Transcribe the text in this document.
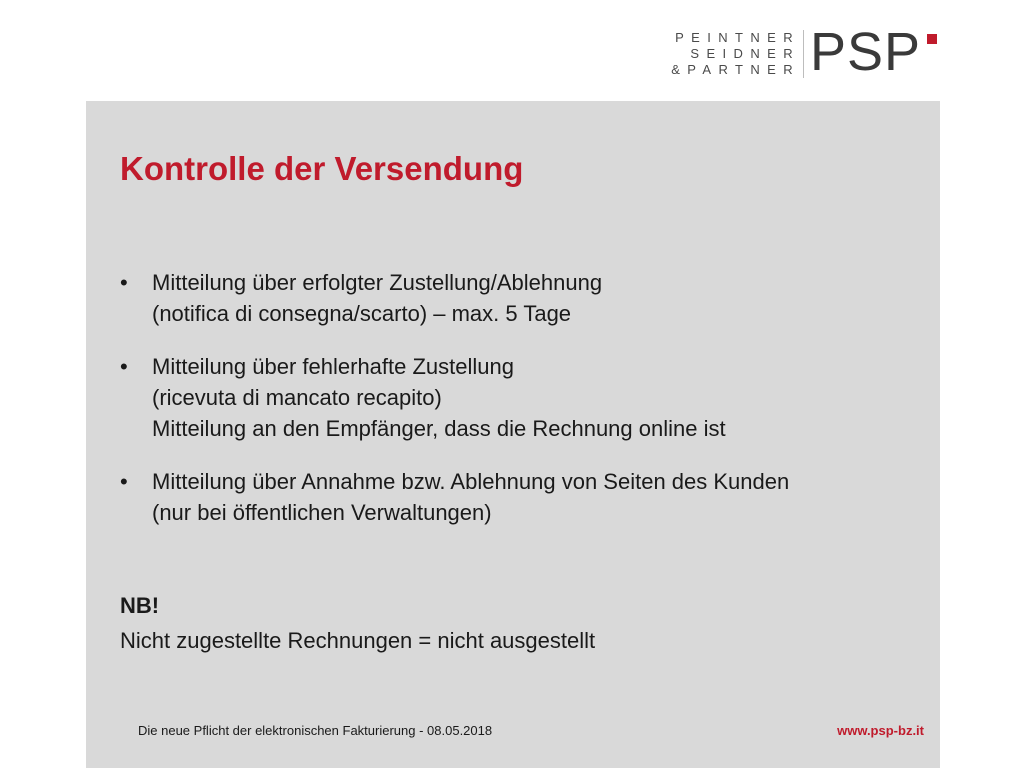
PEINTNER
SEIDNER
&PARTNER PSP
Kontrolle der Versendung
• Mitteilung über erfolgter Zustellung/Ablehnung
(notifica di consegna/scarto) – max. 5 Tage
• Mitteilung über fehlerhafte Zustellung
(ricevuta di mancato recapito)
Mitteilung an den Empfänger, dass die Rechnung online ist
• Mitteilung über Annahme bzw. Ablehnung von Seiten des Kunden
(nur bei öffentlichen Verwaltungen)
NB!
Nicht zugestellte Rechnungen = nicht ausgestellt
Die neue Pflicht der elektronischen Fakturierung - 08.05.2018	www.psp-bz.it
